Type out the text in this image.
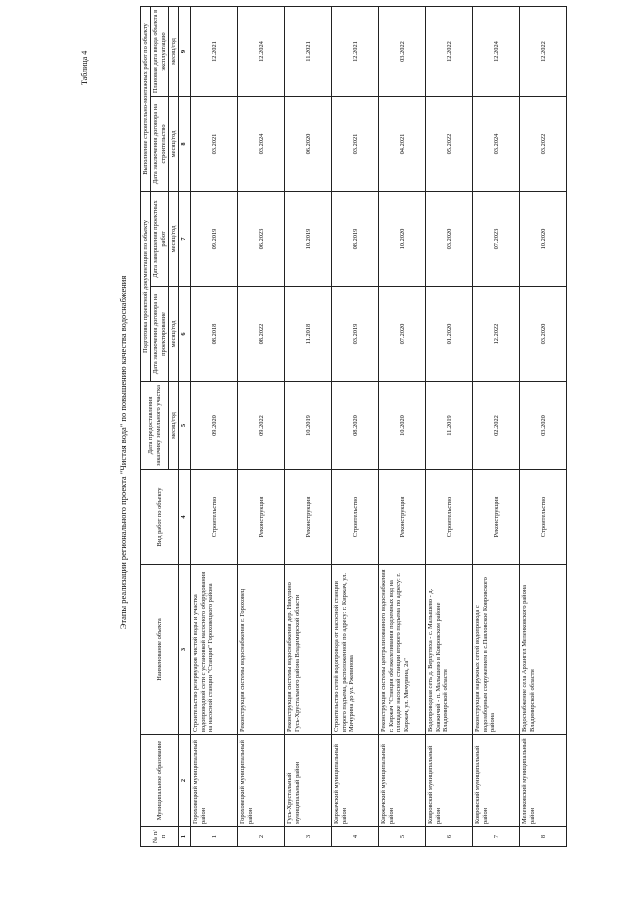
Таблица 4
Этапы реализации регионального проекта "Чистая вода" по повышению качества водоснабжения
№ п/п	Муниципальное образование	Наименование объекта	Вид работ по объекту	Дата предоставления заказчику земельного участка	Подготовка проектной документации по объекту		Выполнение строительно-монтажных работ по объекту	
					Дата заключения договора на проектирование	Дата завершения проектных работ	Дата заключения договора на строительство	Плановая дата ввода объекта в эксплуатацию
				месяц/год	месяц/год	месяц/год	месяц/год	месяц/год
1	2	3	4	5	6	7	8	9
1	Гороховецкий муниципальный район	Строительство резервуаров чистой воды и участка водопроводной сети с установкой насосного оборудования на насосной станции "Станция" Гороховецкого района	Строительство	09.2020	08.2018	09.2019	03.2021	12.2021
2	Гороховецкий муниципальный район	Реконструкция системы водоснабжения г. Гороховец	Реконструкция	09.2022	08.2022	06.2023	03.2024	12.2024
3	Гусь-Хрустальный муниципальный район	Реконструкция системы водоснабжения дер. Никулино Гусь-Хрустального района Владимирской области	Реконструкция	10.2019	11.2018	10.2019	06.2020	11.2021
4	Киржачский муниципальный район	Строительство сетей водопровода от насосной станции второго подъема, расположенной по адресу: г. Киржач, ул. Мичурина до ул. Ржевинова	Строительство	08.2020	03.2019	08.2019	03.2021	12.2021
5	Киржачский муниципальный район	Реконструкция системы централизованного водоснабжения г. Киржач "Станция обезжелезивания подземных вод на площадке насосной станции второго подъема по адресу: г. Киржач, ул. Мичурина, 2а"	Реконструкция	10.2020	07.2020	10.2020	04.2021	03.2022
6	Ковровский муниципальный район	Водопроводная сеть д. Верхутиха - с. Малышево - д. Княжичий - п. Малышево в Ковровском районе Владимирской области	Строительство	11.2019	01.2020	03.2020	05.2022	12.2022
7	Ковровский муниципальный район	Реконструкция наружных сетей водопровода с водозаборным сооружением в с.Павловское Ковровского района	Реконструкция	02.2022	12.2022	07.2023	03.2024	12.2024
8	Меленковский муниципальный район	Водоснабжение села Архангел Меленковского района Владимирской области	Строительство	03.2020	03.2020	10.2020	03.2022	12.2022
